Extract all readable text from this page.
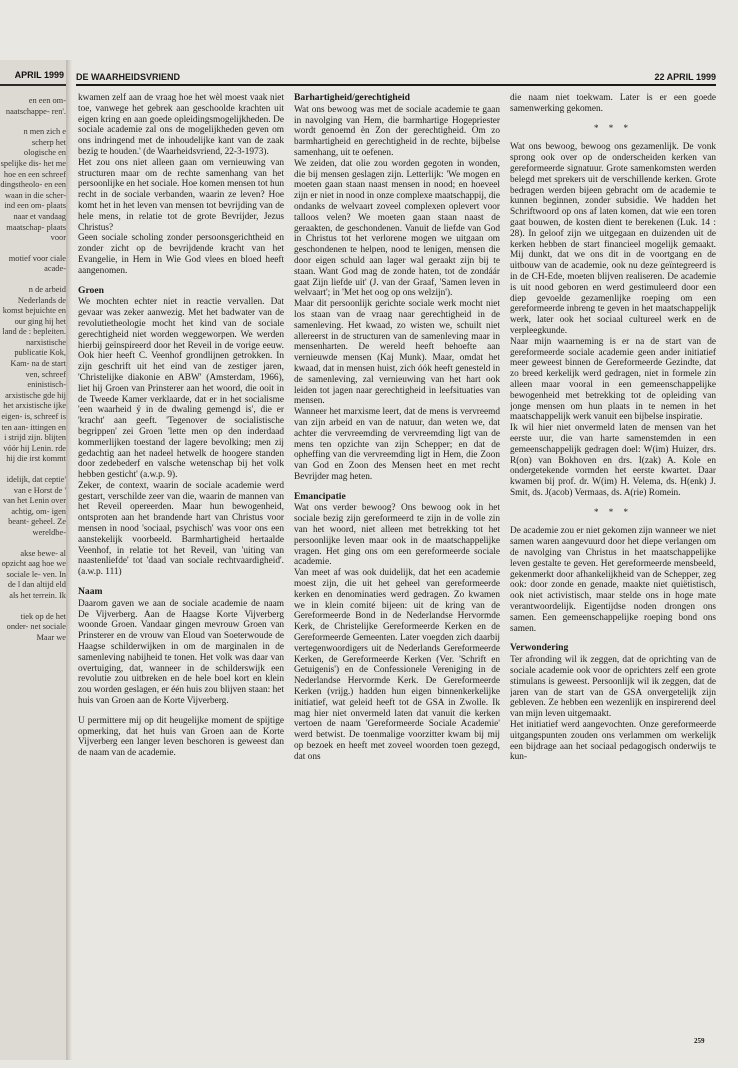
APRIL 1999

en een om- naatschappe- ren'.

n men zich e scherp het ologische en spelijke dis- het me hoe en een schreef dingstheolo- en een waan in die scher- ind een om- plaats naar et vandaag maatschap- plaats voor

motief voor ciale acade-

n de arbeid Nederlands de komst bejuichte en our ging hij het land de : bepleiten. narxistische publicatie Kok, Kam- na de start ven, schreef eninistisch- arxistische gde hij het arxistische ijke eigen- is, schreef is ten aan- ittingen en i strijd zijn. blijten vóór hij Lenin. rde hij die irst kommt

idelijk, dat ceptie' van e Horst de ' van het Lenin over achtig, om- igen beant- geheel. Ze wereldbe-

akse bewe- al opzicht aag hoe we sociale le- ven. In de l dan altijd eld als het terrein. Ik

tiek op de het onder- net sociale Maar we

DE WAARHEIDSVRIEND	22 APRIL 1999

kwamen zelf aan de vraag hoe het wèl moest vaak niet toe, vanwege het gebrek aan geschoolde krachten uit eigen kring en aan goede opleidingsmogelijkheden. De sociale academie zal ons de mogelijkheden geven om ons indringend met de inhoudelijke kant van de zaak bezig te houden.' (de Waarheidsvriend, 22-3-1973).

Het zou ons niet alleen gaan om vernieuwing van structuren maar om de rechte samenhang van het persoonlijke en het sociale. Hoe komen mensen tot hun recht in de sociale verbanden, waarin ze leven? Hoe komt het in het leven van mensen tot bevrijding van de hele mens, in relatie tot de grote Bevrijder, Jezus Christus?

Geen sociale scholing zonder persoonsgerichtheid en zonder zicht op de bevrijdende kracht van het Evangelie, in Hem in Wie God vlees en bloed heeft aangenomen.

Groen

We mochten echter niet in reactie vervallen. Dat gevaar was zeker aanwezig. Met het badwater van de revolutietheologie mocht het kind van de sociale gerechtigheid niet worden weggeworpen. We werden hierbij geïnspireerd door het Reveil in de vorige eeuw. Ook hier heeft C. Veenhof grondlijnen getrokken. In zijn geschrift uit het eind van de zestiger jaren, 'Christelijke diakonie en ABW' (Amsterdam, 1966), liet hij Groen van Prinsterer aan het woord, die ooit in de Tweede Kamer verklaarde, dat er in het socialisme 'een waarheid ÿ in de dwaling gemengd is', die er 'kracht' aan geeft. 'Tegenover de socialistische begrippen' zei Groen 'lette men op den inderdaad kommerlijken toestand der lagere bevolking; men zij gedachtig aan het nadeel hetwelk de hoogere standen door zedebederf en valsche wetenschap bij het volk hebben gesticht' (a.w.p. 9).

Zeker, de context, waarin de sociale academie werd gestart, verschilde zeer van die, waarin de mannen van het Reveil opereerden. Maar hun bewogenheid, ontsproten aan het brandende hart van Christus voor mensen in nood 'sociaal, psychisch' was voor ons een aanstekelijk voorbeeld. Barmhartigheid hertaalde Veenhof, in relatie tot het Reveil, van 'uiting van naastenliefde' tot 'daad van sociale rechtvaardigheid'. (a.w.p. 111)

Naam

Daarom gaven we aan de sociale academie de naam De Vijverberg. Aan de Haagse Korte Vijverberg woonde Groen. Vandaar gingen mevrouw Groen van Prinsterer en de vrouw van Eloud van Soeterwoude de Haagse schilderwijken in om de marginalen in de samenleving nabijheid te tonen. Het volk was daar van overtuiging, dat, wanneer in de schilderswijk een revolutie zou uitbreken en de hele boel kort en klein zou worden geslagen, er één huis zou blijven staan: het huis van Groen aan de Korte Vijverberg.

U permittere mij op dit heugelijke moment de spijtige opmerking, dat het huis van Groen aan de Korte Vijverberg een langer leven beschoren is geweest dan de naam van de academie.

Barhartigheid/gerechtigheid

Wat ons bewoog was met de sociale academie te gaan in navolging van Hem, die barmhartige Hogepriester wordt genoemd èn Zon der gerechtigheid. Om zo barmhartigheid en gerechtigheid in de rechte, bijbelse samenhang, uit te oefenen.

We zeiden, dat olie zou worden gegoten in wonden, die bij mensen geslagen zijn. Letterlijk: 'We mogen en moeten gaan staan naast mensen in nood; en hoeveel zijn er niet in nood in onze complexe maatschappij, die ondanks de welvaart zoveel complexen oplevert voor talloos velen? We moeten gaan staan naast de geraakten, de geschondenen. Vanuit de liefde van God in Christus tot het verlorene mogen we uitgaan om geschondenen te helpen, nood te lenigen, mensen die door eigen schuld aan lager wal geraakt zijn bij te staan. Want God mag de zonde haten, tot de zondáár gaat Zijn liefde uit' (J. van der Graaf, 'Samen leven in welvaart'; in 'Met het oog op ons welzijn').

Maar dit persoonlijk gerichte sociale werk mocht niet los staan van de vraag naar gerechtigheid in de samenleving. Het kwaad, zo wisten we, schuilt niet allereerst in de structuren van de samenleving maar in mensenharten. De wereld heeft behoefte aan vernieuwde mensen (Kaj Munk). Maar, omdat het kwaad, dat in mensen huist, zich óók heeft genesteld in de samenleving, zal vernieuwing van het hart ook leiden tot jagen naar gerechtigheid in leefsituaties van mensen.

Wanneer het marxisme leert, dat de mens is vervreemd van zijn arbeid en van de natuur, dan weten we, dat achter die vervreemding de vervreemding ligt van de mens ten opzichte van zijn Schepper; en dat de opheffing van die vervreemding ligt in Hem, die Zoon van God en Zoon des Mensen heet en met recht Bevrijder mag heten.

Emancipatie

Wat ons verder bewoog? Ons bewoog ook in het sociale bezig zijn gereformeerd te zijn in de volle zin van het woord, niet alleen met betrekking tot het persoonlijke leven maar ook in de maatschappelijke vragen. Het ging ons om een gereformeerde sociale academie.

Van meet af was ook duidelijk, dat het een academie moest zijn, die uit het geheel van gereformeerde kerken en denominaties werd gedragen. Zo kwamen we in klein comité bijeen: uit de kring van de Gereformeerde Bond in de Nederlandse Hervormde Kerk, de Christelijke Gereformeerde Kerken en de Gereformeerde Gemeenten. Later voegden zich daarbij vertegenwoordigers uit de Nederlands Gereformeerde Kerken, de Gereformeerde Kerken (Ver. 'Schrift en Getuigenis') en de Confessionele Vereniging in de Nederlandse Hervormde Kerk. De Gereformeerde Kerken (vrijg.) hadden hun eigen binnenkerkelijke initiatief, wat geleid heeft tot de GSA in Zwolle. Ik mag hier niet onvermeld laten dat vanuit die kerken vertoen de naam 'Gereformeerde Sociale Academie' werd betwist. De toenmalige voorzitter kwam bij mij op bezoek en heeft met zoveel woorden toen gezegd, dat ons

die naam niet toekwam. Later is er een goede samenwerking gekomen.

* * *

Wat ons bewoog, bewoog ons gezamenlijk. De vonk sprong ook over op de onderscheiden kerken van gereformeerde signatuur. Grote samenkomsten werden belegd met sprekers uit de verschillende kerken. Grote bedragen werden bijeen gebracht om de academie te kunnen beginnen, zonder subsidie. We hadden het Schriftwoord op ons af laten komen, dat wie een toren gaat bouwen, de kosten dient te berekenen (Luk. 14 : 28). In geloof zijn we uitgegaan en duizenden uit de kerken hebben de start financieel mogelijk gemaakt. Mij dunkt, dat we ons dit in de voortgang en de uitbouw van de academie, ook nu deze geïntegreerd is in de CH-Ede, moeten blijven realiseren. De academie is uit nood geboren en werd gestimuleerd door een diep gevoelde gezamenlijke roeping om een gereformeerde inbreng te geven in het maatschappelijk werk, later ook het sociaal cultureel werk en de verpleegkunde.

Naar mijn waarneming is er na de start van de gereformeerde sociale academie geen ander initiatief meer geweest binnen de Gereformeerde Gezindte, dat zo breed kerkelijk werd gedragen, niet in formele zin alleen maar vooral in een gemeenschappelijke bewogenheid met betrekking tot de opleiding van jonge mensen om hun plaats in te nemen in het maatschappelijk werk vanuit een bijbelse inspiratie.

Ik wil hier niet onvermeld laten de mensen van het eerste uur, die van harte samenstemden in een gemeenschappelijk gedragen doel: W(im) Huizer, drs. R(on) van Bokhoven en drs. I(zak) A. Kole en ondergetekende vormden het eerste kwartet. Daar kwamen bij prof. dr. W(im) H. Velema, ds. H(enk) J. Smit, ds. J(acob) Vermaas, ds. A(rie) Romein.

* * *

De academie zou er niet gekomen zijn wanneer we niet samen waren aangevuurd door het diepe verlangen om de navolging van Christus in het maatschappelijke leven gestalte te geven. Het gereformeerde mensbeeld, gekenmerkt door afhankelijkheid van de Schepper, zeg ook: door zonde en genade, maakte niet quiëtistisch, ook niet activistisch, maar stelde ons in hoge mate verantwoordelijk. Eigentijdse noden drongen ons samen. Een gemeenschappelijke roeping bond ons samen.

Verwondering

Ter afronding wil ik zeggen, dat de oprichting van de sociale academie ook voor de oprichters zelf een grote stimulans is geweest. Persoonlijk wil ik zeggen, dat de jaren van de start van de GSA onvergetelijk zijn gebleven. Ze hebben een wezenlijk en inspirerend deel van mijn leven uitgemaakt.

Het initiatief werd aangevochten. Onze gereformeerde uitgangspunten zouden ons verlammen om werkelijk een bijdrage aan het sociaal pedagogisch onderwijs te kun-

259
